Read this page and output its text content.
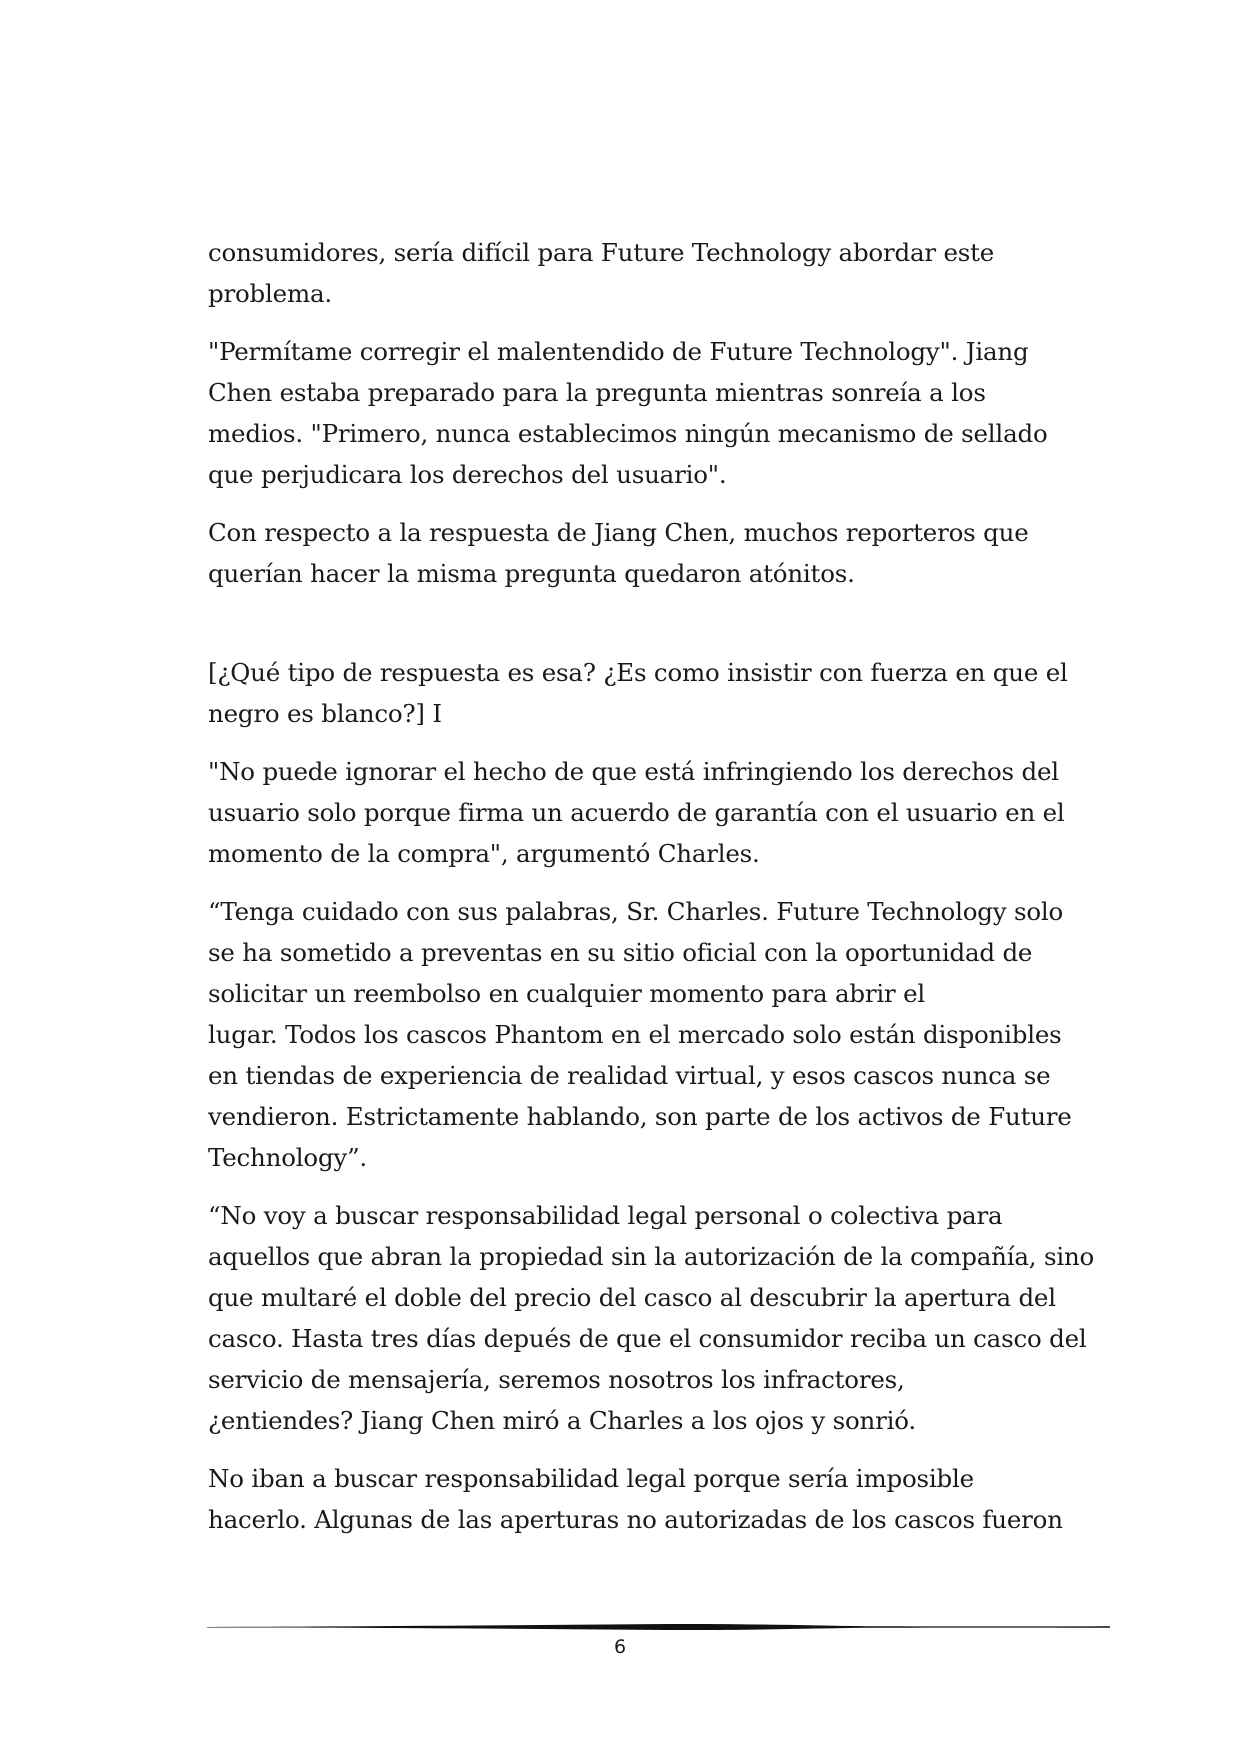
consumidores, sería difícil para Future Technology abordar este
problema.

"Permítame corregir el malentendido de Future Technology". Jiang
Chen estaba preparado para la pregunta mientras sonreía a los
medios. "Primero, nunca establecimos ningún mecanismo de sellado
que perjudicara los derechos del usuario".

Con respecto a la respuesta de Jiang Chen, muchos reporteros que
querían hacer la misma pregunta quedaron atónitos.

[¿Qué tipo de respuesta es esa? ¿Es como insistir con fuerza en que el
negro es blanco?] I

"No puede ignorar el hecho de que está infringiendo los derechos del
usuario solo porque firma un acuerdo de garantía con el usuario en el
momento de la compra", argumentó Charles.

“Tenga cuidado con sus palabras, Sr. Charles. Future Technology solo
se ha sometido a preventas en su sitio oficial con la oportunidad de
solicitar un reembolso en cualquier momento para abrir el
lugar. Todos los cascos Phantom en el mercado solo están disponibles
en tiendas de experiencia de realidad virtual, y esos cascos nunca se
vendieron. Estrictamente hablando, son parte de los activos de Future
Technology”.

“No voy a buscar responsabilidad legal personal o colectiva para
aquellos que abran la propiedad sin la autorización de la compañía, sino
que multaré el doble del precio del casco al descubrir la apertura del
casco. Hasta tres días depués de que el consumidor reciba un casco del
servicio de mensajería, seremos nosotros los infractores,
¿entiendes? Jiang Chen miró a Charles a los ojos y sonrió.

No iban a buscar responsabilidad legal porque sería imposible
hacerlo. Algunas de las aperturas no autorizadas de los cascos fueron

6
